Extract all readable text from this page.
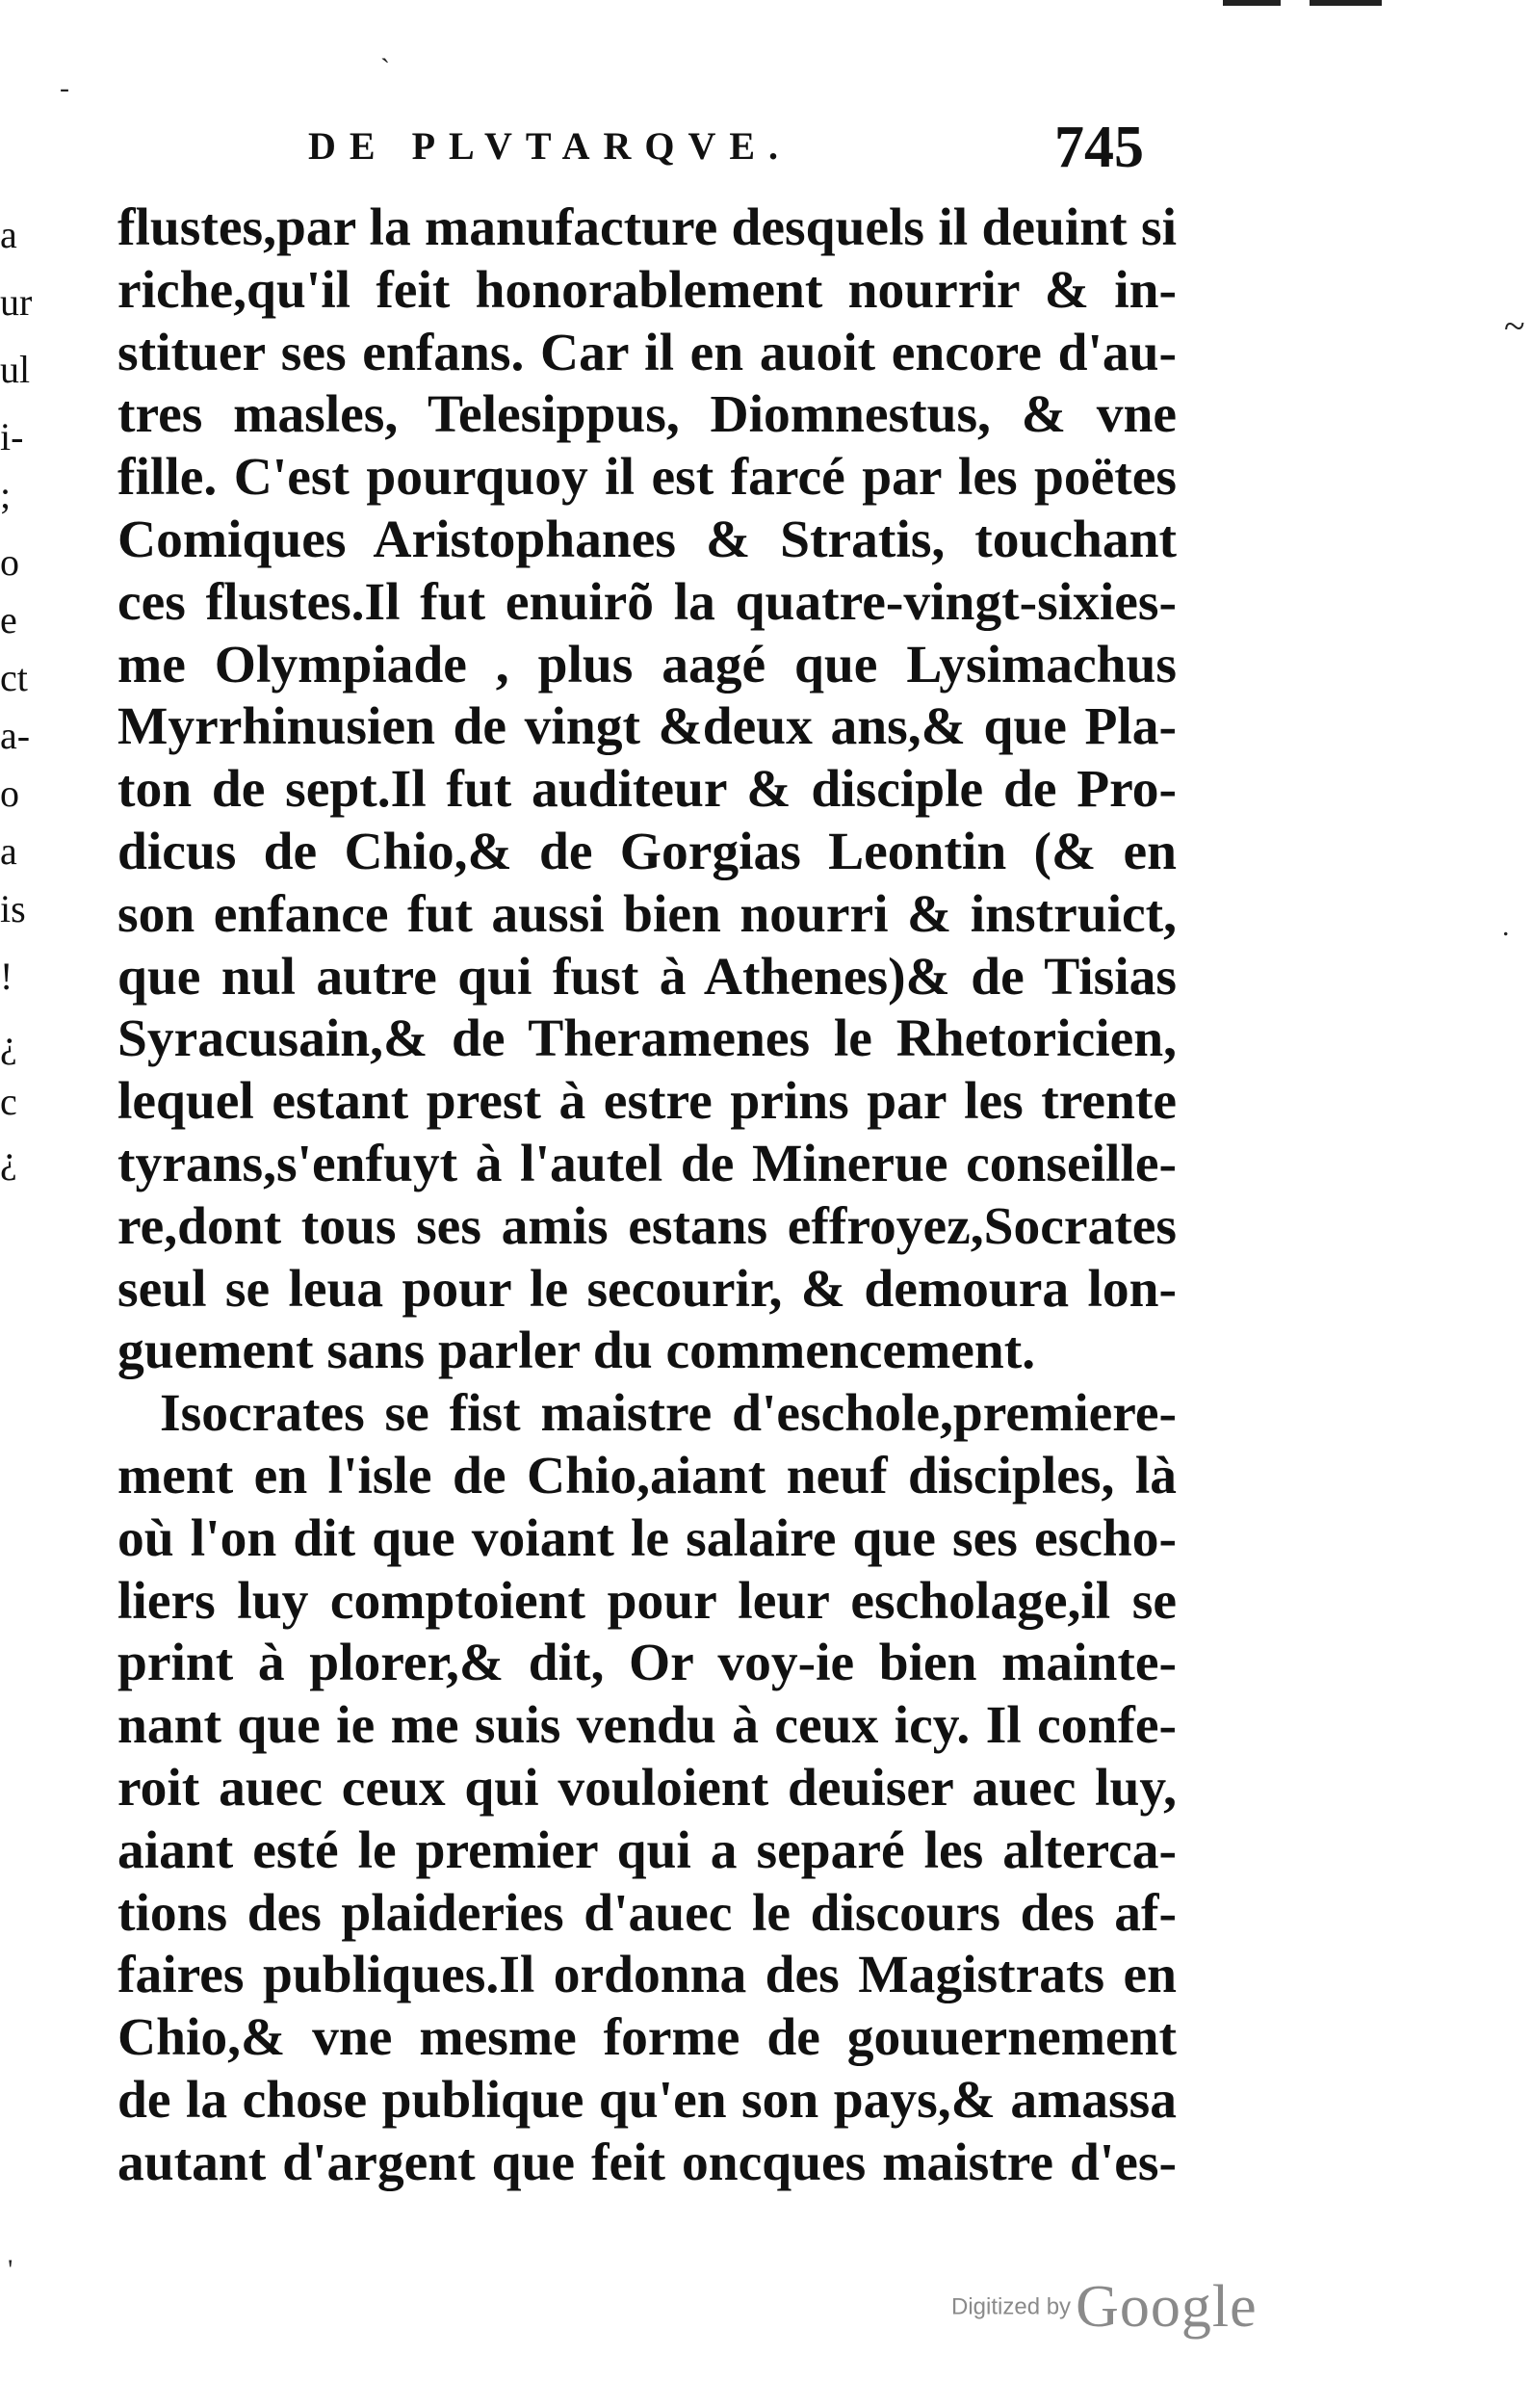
`
-
~
.
'
a
ur
ul
i-
;
o
e
ct
a-
o
a
is
!
¿
c
¿
DE PLVTARQVE.	745
flustes,par la manufacture desquels il deuint si
riche,qu'il feit honorablement nourrir & in-
stituer ses enfans. Car il en auoit encore d'au-
tres masles, Telesippus, Diomnestus, & vne
fille. C'est pourquoy il est farcé par les poëtes
Comiques Aristophanes & Stratis, touchant
ces flustes.Il fut enuirõ la quatre-vingt-sixies-
me Olympiade , plus aagé que Lysimachus
Myrrhinusien de vingt &deux ans,& que Pla-
ton de sept.Il fut auditeur & disciple de Pro-
dicus de Chio,& de Gorgias Leontin (& en
son enfance fut aussi bien nourri & instruict,
que nul autre qui fust à Athenes)& de Tisias
Syracusain,& de Theramenes le Rhetoricien,
lequel estant prest à estre prins par les trente
tyrans,s'enfuyt à l'autel de Minerue conseille-
re,dont tous ses amis estans effroyez,Socrates
seul se leua pour le secourir, & demoura lon-
guement sans parler du commencement.
Isocrates se fist maistre d'eschole,premiere-
ment en l'isle de Chio,aiant neuf disciples, là
où l'on dit que voiant le salaire que ses escho-
liers luy comptoient pour leur escholage,il se
print à plorer,& dit, Or voy-ie bien mainte-
nant que ie me suis vendu à ceux icy. Il confe-
roit auec ceux qui vouloient deuiser auec luy,
aiant esté le premier qui a separé les alterca-
tions des plaideries d'auec le discours des af-
faires publiques.Il ordonna des Magistrats en
Chio,& vne mesme forme de gouuernement
de la chose publique qu'en son pays,& amassa
autant d'argent que feit oncques maistre d'es-
Digitized by Google
